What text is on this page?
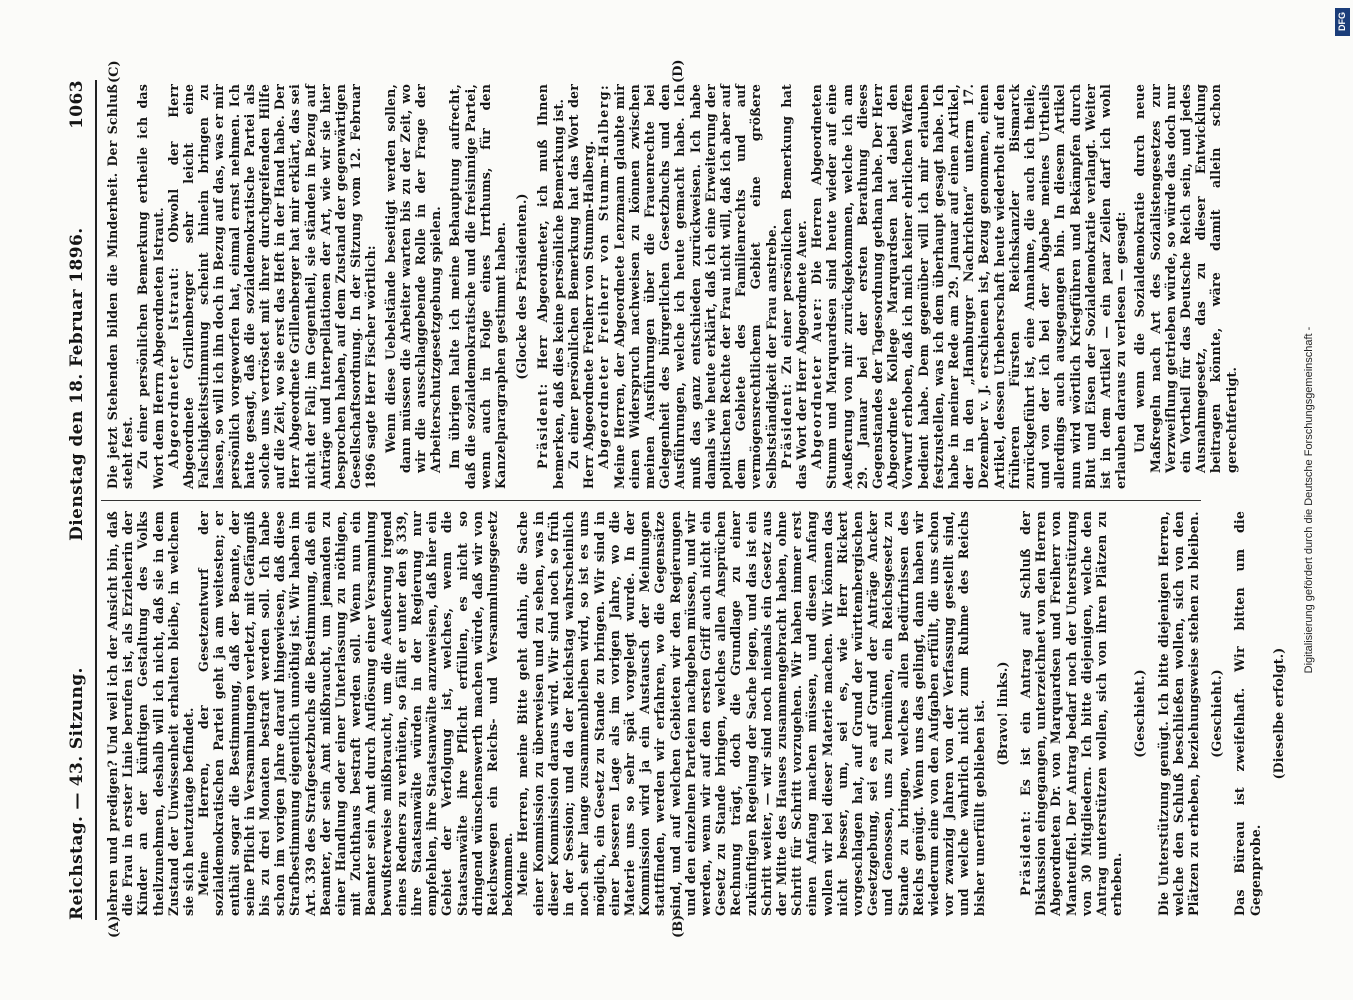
Reichstag.—43. Sitzung. Dienstag den 18. Februar 1896.
1063
(A)	(B)
(C)	(D)

lehren und predigen? Und weil ich der Ansicht bin, daß die Frau in erster Linie berufen ist, als Erzieherin der Kinder an der künftigen Gestaltung des Volks theilzunehmen, deshalb will ich nicht, daß sie in dem Zustand der Unwissenheit erhalten bleibe, in welchem sie sich heutzutage befindet. Meine Herren, der Gesetzentwurf der sozialdemokratischen Partei geht ja am weitesten; er enthält sogar die Bestimmung, daß der Beamte, der seine Pflicht in Versammlungen verletzt, mit Gefängniß bis zu drei Monaten bestraft werden soll. Ich habe schon im vorigen Jahre darauf hingewiesen, daß diese Strafbestimmung eigentlich unnöthig ist. Wir haben im Art. 339 des Strafgesetzbuchs die Bestimmung, daß ein Beamter, der sein Amt mißbraucht, um jemanden zu einer Handlung oder einer Unterlassung zu nöthigen, mit Zuchthaus bestraft werden soll. Wenn nun ein Beamter sein Amt durch Auflösung einer Versammlung bewußterweise mißbraucht, um die Aeußerung irgend eines Redners zu verhüten, so fällt er unter den § 339, ihre Staatsanwälte würden in der Regierung nur empfehlen, ihre Staatsanwälte anzuweisen, daß hier ein Gebiet der Verfolgung ist, welches, wenn die Staatsanwälte ihre Pflicht erfüllen, es nicht so dringend wünschenswerth machen würde, daß wir von Reichswegen ein Reichs- und Versammlungsgesetz bekommen. Meine Herren, meine Bitte geht dahin, die Sache einer Kommission zu überweisen und zu sehen, was in dieser Kommission daraus wird. Wir sind noch so früh in der Session; und da der Reichstag wahrscheinlich noch sehr lange zusammenbleiben wird, so ist es uns möglich, ein Gesetz zu Stande zu bringen. Wir sind in einer besseren Lage als im vorigen Jahre, wo die Materie uns so sehr spät vorgelegt wurde. In der Kommission wird ja ein Austausch der Meinungen stattfinden, werden wir erfahren, wo die Gegensätze sind, und auf welchen Gebieten wir den Regierungen und den einzelnen Parteien nachgeben müssen, und wir werden, wenn wir auf den ersten Griff auch nicht ein Gesetz zu Stande bringen, welches allen Ansprüchen Rechnung trägt, doch die Grundlage zu einer zukünftigen Regelung der Sache legen, und das ist ein Schritt weiter, — wir sind noch niemals ein Gesetz aus der Mitte des Hauses zusammengebracht haben, ohne Schritt für Schritt vorzugehen. Wir haben immer erst einen Anfang machen müssen, und diesen Anfang wollen wir bei dieser Materie machen. Wir können das nicht besser, um, sei es, wie Herr Rickert vorgeschlagen hat, auf Grund der württembergischen Gesetzgebung, sei es auf Grund der Anträge Ancker und Genossen, uns zu bemühen, ein Reichsgesetz zu Stande zu bringen, welches allen Bedürfnissen des Reichs genügt. Wenn uns das gelingt, dann haben wir wiederum eine von den Aufgaben erfüllt, die uns schon vor zwanzig Jahren von der Verfassung gestellt sind, und welche wahrlich nicht zum Ruhme des Reichs bisher unerfüllt geblieben ist. (Bravo! links.)

Präsident: Es ist ein Antrag auf Schluß der Diskussion eingegangen, unterzeichnet von den Herren Abgeordneten Dr. von Marquardsen und Freiherr von Manteuffel. Der Antrag bedarf noch der Unterstützung von 30 Mitgliedern. Ich bitte diejenigen, welche den Antrag unterstützen wollen, sich von ihren Plätzen zu erheben.

(Geschieht.) Die Unterstützung genügt. Ich bitte diejenigen Herren, welche den Schluß beschließen wollen, sich von den Plätzen zu erheben, beziehungsweise stehen zu bleiben. (Geschieht.) Das Büreau ist zweifelhaft. Wir bitten um die Gegenprobe.

(Dieselbe erfolgt.)

Die jetzt Stehenden bilden die Minderheit. Der Schluß steht fest. Zu einer persönlichen Bemerkung ertheile ich das Wort dem Herrn Abgeordneten Istraut. Abgeordneter Istraut: Obwohl der Herr Abgeordnete Grillenberger sehr leicht eine Falschigkeitsstimmung scheint hinein bringen zu lassen, so will ich ihn doch in Bezug auf das, was er mir persönlich vorgeworfen hat, einmal ernst nehmen. Ich hatte gesagt, daß die sozialdemokratische Partei als solche uns vertröstet mit ihrer durchgreifenden Hilfe auf die Zeit, wo sie erst das Heft in der Hand habe. Der Herr Abgeordnete Grillenberger hat mir erklärt, das sei nicht der Fall; im Gegentheil, sie ständen in Bezug auf Anträge und Interpellationen der Art, wie wir sie hier besprochen haben, auf dem Zustand der gegenwärtigen Gesellschaftsordnung. In der Sitzung vom 12. Februar 1896 sagte Herr Fischer wörtlich: Wenn diese Uebelstände beseitigt werden sollen, dann müssen die Arbeiter warten bis zu der Zeit, wo wir die ausschlaggebende Rolle in der Frage der Arbeiterschutzgesetzgebung spielen. Im übrigen halte ich meine Behauptung aufrecht, daß die sozialdemokratische und die freisinnige Partei, wenn auch in Folge eines Irrthums, für den Kanzelparagraphen gestimmt haben. (Glocke des Präsidenten.)

Präsident: Herr Abgeordneter, ich muß Ihnen bemerken, daß dies keine persönliche Bemerkung ist. Zu einer persönlichen Bemerkung hat das Wort der Herr Abgeordnete Freiherr von Stumm-Halberg. Abgeordneter Freiherr von Stumm-Halberg: Meine Herren, der Abgeordnete Lenzmann glaubte mir einen Widerspruch nachweisen zu können zwischen meinen Ausführungen über die Frauenrechte bei Gelegenheit des bürgerlichen Gesetzbuchs und den Ausführungen, welche ich heute gemacht habe. Ich muß das ganz entschieden zurückweisen. Ich habe damals wie heute erklärt, daß ich eine Erweiterung der politischen Rechte der Frau nicht will, daß ich aber auf dem Gebiete des Familienrechts und auf vermögensrechtlichem Gebiet eine größere Selbstständigkeit der Frau anstrebe. Präsident: Zu einer persönlichen Bemerkung hat das Wort der Herr Abgeordnete Auer. Abgeordneter Auer: Die Herren Abgeordneten Stumm und Marquardsen sind heute wieder auf eine Aeußerung von mir zurückgekommen, welche ich am 29. Januar bei der ersten Berathung dieses Gegenstandes der Tagesordnung gethan habe. Der Herr Abgeordnete Kollege Marquardsen hat dabei den Vorwurf erhoben, daß ich mich keiner ehrlichen Waffen bedient habe. Dem gegenüber will ich mir erlauben festzustellen, was ich dem überhaupt gesagt habe. Ich habe in meiner Rede am 29. Januar auf einen Artikel, der in den „Hamburger Nachrichten“ unterm 17. Dezember v. J. erschienen ist, Bezug genommen, einen Artikel, dessen Urheberschaft heute wiederholt auf den früheren Fürsten Reichskanzler Bismarck zurückgeführt ist, eine Annahme, die auch ich theile, und von der ich bei der Abgabe meines Urtheils allerdings auch ausgegangen bin. In diesem Artikel nun wird wörtlich Kriegführen und Bekämpfen durch Blut und Eisen der Sozialdemokratie verlangt. Weiter ist in dem Artikel — ein paar Zeilen darf ich wohl erlauben daraus zu verlesen — gesagt: Und wenn die Sozialdemokratie durch neue Maßregeln nach Art des Sozialistengesetzes zur Verzweiflung getrieben würde, so würde das doch nur ein Vortheil für das Deutsche Reich sein, und jedes Ausnahmegesetz, das zu dieser Entwicklung beitragen könnte, wäre damit allein schon gerechtfertigt.	Digitalisierung gefördert durch die Deutsche Forschungsgemeinschaft -
DFG
